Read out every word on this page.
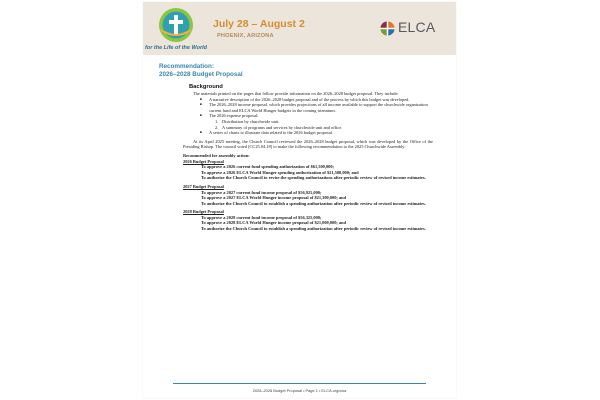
for the Life of the World
July 28 – August 2
PHOENIX, ARIZONA
ELCA
Recommendation:
2026–2028 Budget Proposal
Background

The materials printed on the pages that follow provide information on the 2026–2028 budget proposal. They include:

■ A narrative description of the 2026–2028 budget proposal and of the process by which this budget was developed.
■ The 2026–2028 income proposal, which provides projections of all income available to support the churchwide organization current fund and ELCA World Hunger budgets in the coming triennium.
■ The 2026 expense proposal:
1. Distribution by churchwide unit.
2. A summary of programs and services by churchwide unit and office.
■ A series of charts to illustrate data related to the 2026 budget proposal.

At its April 2025 meeting, the Church Council reviewed the 2026–2028 budget proposal, which was developed by the Office of the Presiding Bishop. The council voted [CC25.04.18] to make the following recommendation to the 2025 Churchwide Assembly:

Recommended for assembly action:

2026 Budget Proposal

To approve a 2026 current fund spending authorization of $61,500,000;

To approve a 2026 ELCA World Hunger spending authorization of $21,500,000; and

To authorize the Church Council to revise the spending authorizations after periodic review of revised income estimates.

2027 Budget Proposal

To approve a 2027 current fund income proposal of $56,925,000;

To approve a 2027 ELCA World Hunger income proposal of $21,300,000; and

To authorize the Church Council to establish a spending authorization after periodic review of revised income estimates.

2028 Budget Proposal

To approve a 2028 current fund income proposal of $56,325,000;

To approve a 2028 ELCA World Hunger income proposal of $21,000,000; and

To authorize the Church Council to establish a spending authorization after periodic review of revised income estimates.

2026–2028 Budget Proposal • Page 1 • ELCA.org/cwa
